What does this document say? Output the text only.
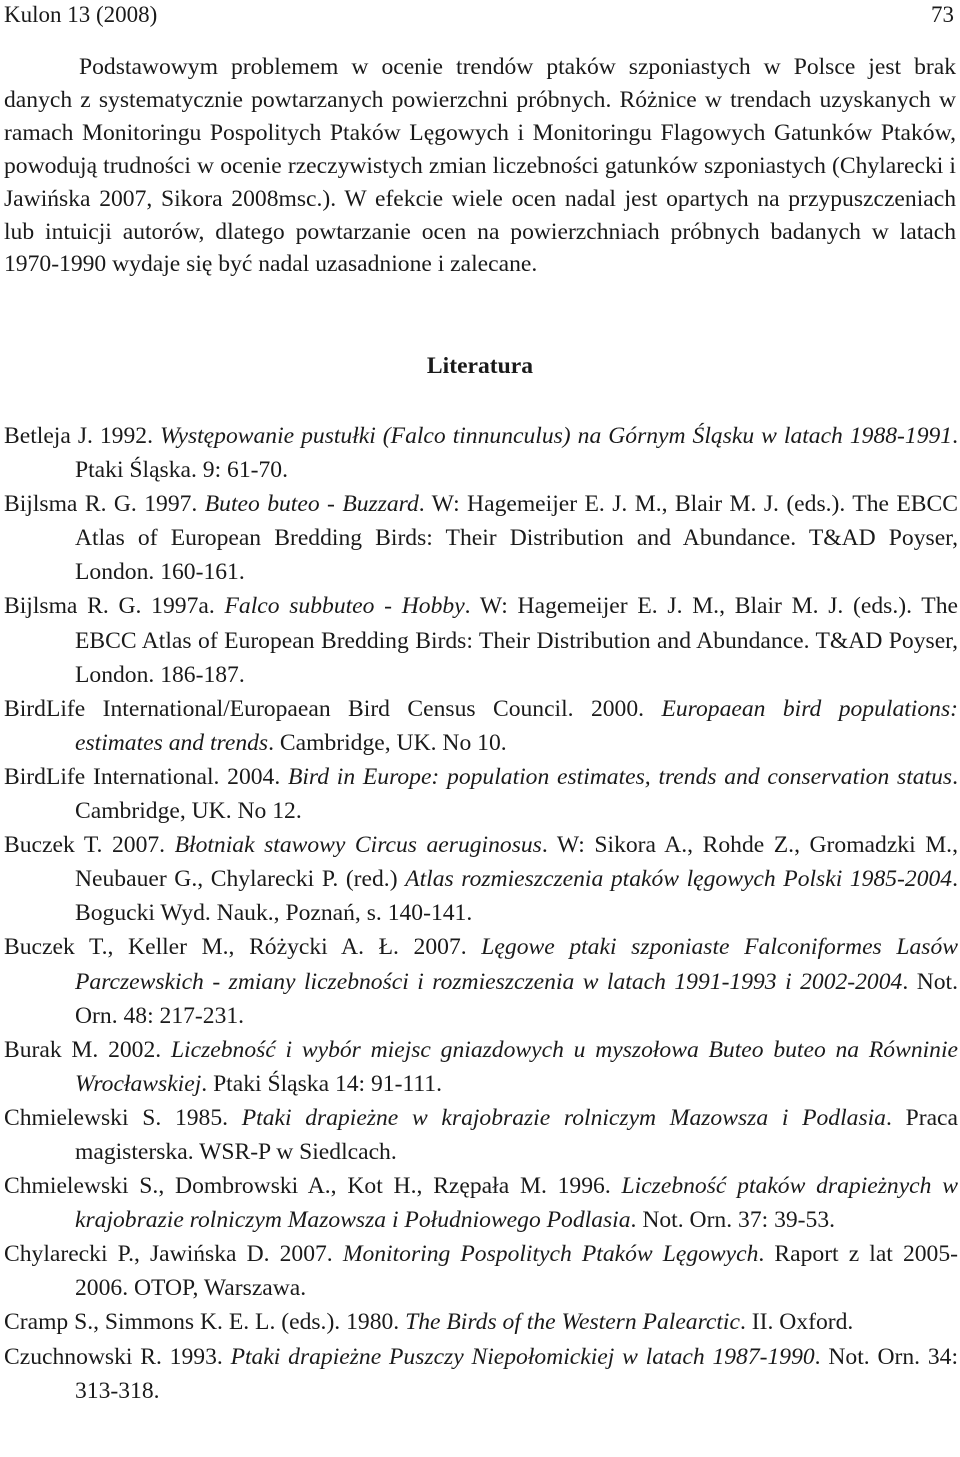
Kulon 13 (2008)	73

Podstawowym problemem w ocenie trendów ptaków szponiastych w Polsce jest brak danych z systematycznie powtarzanych powierzchni próbnych. Różnice w trendach uzyskanych w ramach Monitoringu Pospolitych Ptaków Lęgowych i Monitoringu Flagowych Gatunków Ptaków, powodują trudności w ocenie rzeczywistych zmian liczebności gatunków szponiastych (Chylarecki i Jawińska 2007, Sikora 2008msc.). W efekcie wiele ocen nadal jest opartych na przypuszczeniach lub intuicji autorów, dlatego powtarzanie ocen na powierzchniach próbnych badanych w latach 1970-1990 wydaje się być nadal uzasadnione i zalecane.

Literatura
Betleja J. 1992. Występowanie pustułki (Falco tinnunculus) na Górnym Śląsku w latach 1988-1991. Ptaki Śląska. 9: 61-70.
Bijlsma R. G. 1997. Buteo buteo - Buzzard. W: Hagemeijer E. J. M., Blair M. J. (eds.). The EBCC Atlas of European Bredding Birds: Their Distribution and Abundance. T&AD Poyser, London. 160-161.
Bijlsma R. G. 1997a. Falco subbuteo - Hobby. W: Hagemeijer E. J. M., Blair M. J. (eds.). The EBCC Atlas of European Bredding Birds: Their Distribution and Abundance. T&AD Poyser, London. 186-187.
BirdLife International/Europaean Bird Census Council. 2000. Europaean bird populations: estimates and trends. Cambridge, UK. No 10.
BirdLife International. 2004. Bird in Europe: population estimates, trends and conservation status. Cambridge, UK. No 12.
Buczek T. 2007. Błotniak stawowy Circus aeruginosus. W: Sikora A., Rohde Z., Gromadzki M., Neubauer G., Chylarecki P. (red.) Atlas rozmieszczenia ptaków lęgowych Polski 1985-2004. Bogucki Wyd. Nauk., Poznań, s. 140-141.
Buczek T., Keller M., Różycki A. Ł. 2007. Lęgowe ptaki szponiaste Falconiformes Lasów Parczewskich - zmiany liczebności i rozmieszczenia w latach 1991-1993 i 2002-2004. Not. Orn. 48: 217-231.
Burak M. 2002. Liczebność i wybór miejsc gniazdowych u myszołowa Buteo buteo na Równinie Wrocławskiej. Ptaki Śląska 14: 91-111.
Chmielewski S. 1985. Ptaki drapieżne w krajobrazie rolniczym Mazowsza i Podlasia. Praca magisterska. WSR-P w Siedlcach.
Chmielewski S., Dombrowski A., Kot H., Rzępała M. 1996. Liczebność ptaków drapieżnych w krajobrazie rolniczym Mazowsza i Południowego Podlasia. Not. Orn. 37: 39-53.
Chylarecki P., Jawińska D. 2007. Monitoring Pospolitych Ptaków Lęgowych. Raport z lat 2005-2006. OTOP, Warszawa.
Cramp S., Simmons K. E. L. (eds.). 1980. The Birds of the Western Palearctic. II. Oxford.
Czuchnowski R. 1993. Ptaki drapieżne Puszczy Niepołomickiej w latach 1987-1990. Not. Orn. 34: 313-318.
